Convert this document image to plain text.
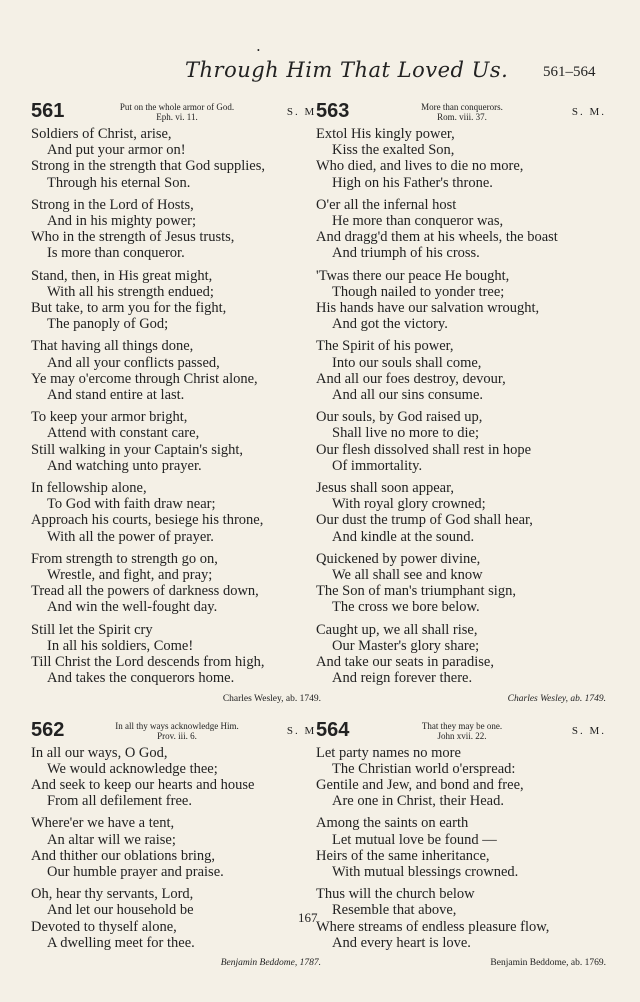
•
Through Him That Loved Us. 561–564
561	Put on the whole armor of God.
Eph. vi. 11.	S. M.
Soldiers of Christ, arise,
And put your armor on!
Strong in the strength that God supplies,
Through his eternal Son.
Strong in the Lord of Hosts,
And in his mighty power;
Who in the strength of Jesus trusts,
Is more than conqueror.
Stand, then, in His great might,
With all his strength endued;
But take, to arm you for the fight,
The panoply of God;
That having all things done,
And all your conflicts passed,
Ye may o'ercome through Christ alone,
And stand entire at last.
To keep your armor bright,
Attend with constant care,
Still walking in your Captain's sight,
And watching unto prayer.
In fellowship alone,
To God with faith draw near;
Approach his courts, besiege his throne,
With all the power of prayer.
From strength to strength go on,
Wrestle, and fight, and pray;
Tread all the powers of darkness down,
And win the well-fought day.
Still let the Spirit cry
In all his soldiers, Come!
Till Christ the Lord descends from high,
And takes the conquerors home.
Charles Wesley, ab. 1749.
562	In all thy ways acknowledge Him.
Prov. iii. 6.	S. M.
In all our ways, O God,
We would acknowledge thee;
And seek to keep our hearts and house
From all defilement free.
Where'er we have a tent,
An altar will we raise;
And thither our oblations bring,
Our humble prayer and praise.
Oh, hear thy servants, Lord,
And let our household be
Devoted to thyself alone,
A dwelling meet for thee.
Benjamin Beddome, 1787.
563	More than conquerors.
Rom. viii. 37.	S. M.
Extol His kingly power,
Kiss the exalted Son,
Who died, and lives to die no more,
High on his Father's throne.
O'er all the infernal host
He more than conqueror was,
And dragg'd them at his wheels, the boast
And triumph of his cross.
'Twas there our peace He bought,
Though nailed to yonder tree;
His hands have our salvation wrought,
And got the victory.
The Spirit of his power,
Into our souls shall come,
And all our foes destroy, devour,
And all our sins consume.
Our souls, by God raised up,
Shall live no more to die;
Our flesh dissolved shall rest in hope
Of immortality.
Jesus shall soon appear,
With royal glory crowned;
Our dust the trump of God shall hear,
And kindle at the sound.
Quickened by power divine,
We all shall see and know
The Son of man's triumphant sign,
The cross we bore below.
Caught up, we all shall rise,
Our Master's glory share;
And take our seats in paradise,
And reign forever there.
Charles Wesley, ab. 1749.
564	That they may be one.
John xvii. 22.	S. M.
Let party names no more
The Christian world o'erspread:
Gentile and Jew, and bond and free,
Are one in Christ, their Head.
Among the saints on earth
Let mutual love be found —
Heirs of the same inheritance,
With mutual blessings crowned.
Thus will the church below
Resemble that above,
Where streams of endless pleasure flow,
And every heart is love.
Benjamin Beddome, ab. 1769.
167
